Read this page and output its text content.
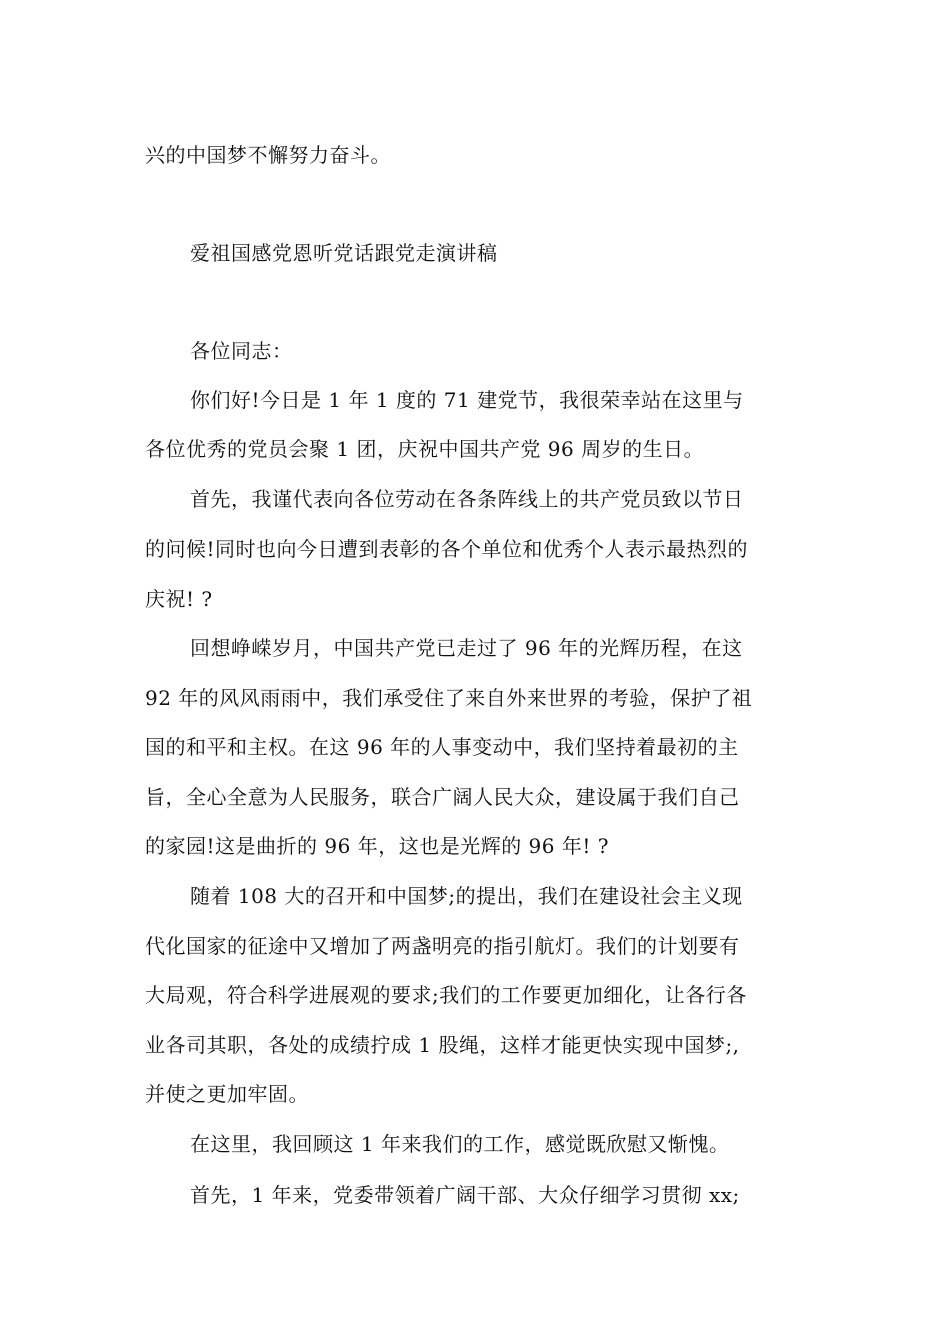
兴的中国梦不懈努力奋斗。
爱祖国感党恩听党话跟党走演讲稿
各位同志：
你们好!今日是 1 年 1 度的 71 建党节，我很荣幸站在这里与
各位优秀的党员会聚 1 团，庆祝中国共产党 96 周岁的生日。
首先，我谨代表向各位劳动在各条阵线上的共产党员致以节日
的问候!同时也向今日遭到表彰的各个单位和优秀个人表示最热烈的
庆祝! ?
回想峥嵘岁月，中国共产党已走过了 96 年的光辉历程，在这
92 年的风风雨雨中，我们承受住了来自外来世界的考验，保护了祖
国的和平和主权。在这 96 年的人事变动中，我们坚持着最初的主
旨，全心全意为人民服务，联合广阔人民大众，建设属于我们自己
的家园!这是曲折的 96 年，这也是光辉的 96 年! ?
随着 108 大的召开和中国梦;的提出，我们在建设社会主义现
代化国家的征途中又增加了两盏明亮的指引航灯。我们的计划要有
大局观，符合科学进展观的要求;我们的工作要更加细化，让各行各
业各司其职，各处的成绩拧成 1 股绳，这样才能更快实现中国梦;,
并使之更加牢固。
在这里，我回顾这 1 年来我们的工作，感觉既欣慰又惭愧。
首先，1 年来，党委带领着广阔干部、大众仔细学习贯彻 xx;
